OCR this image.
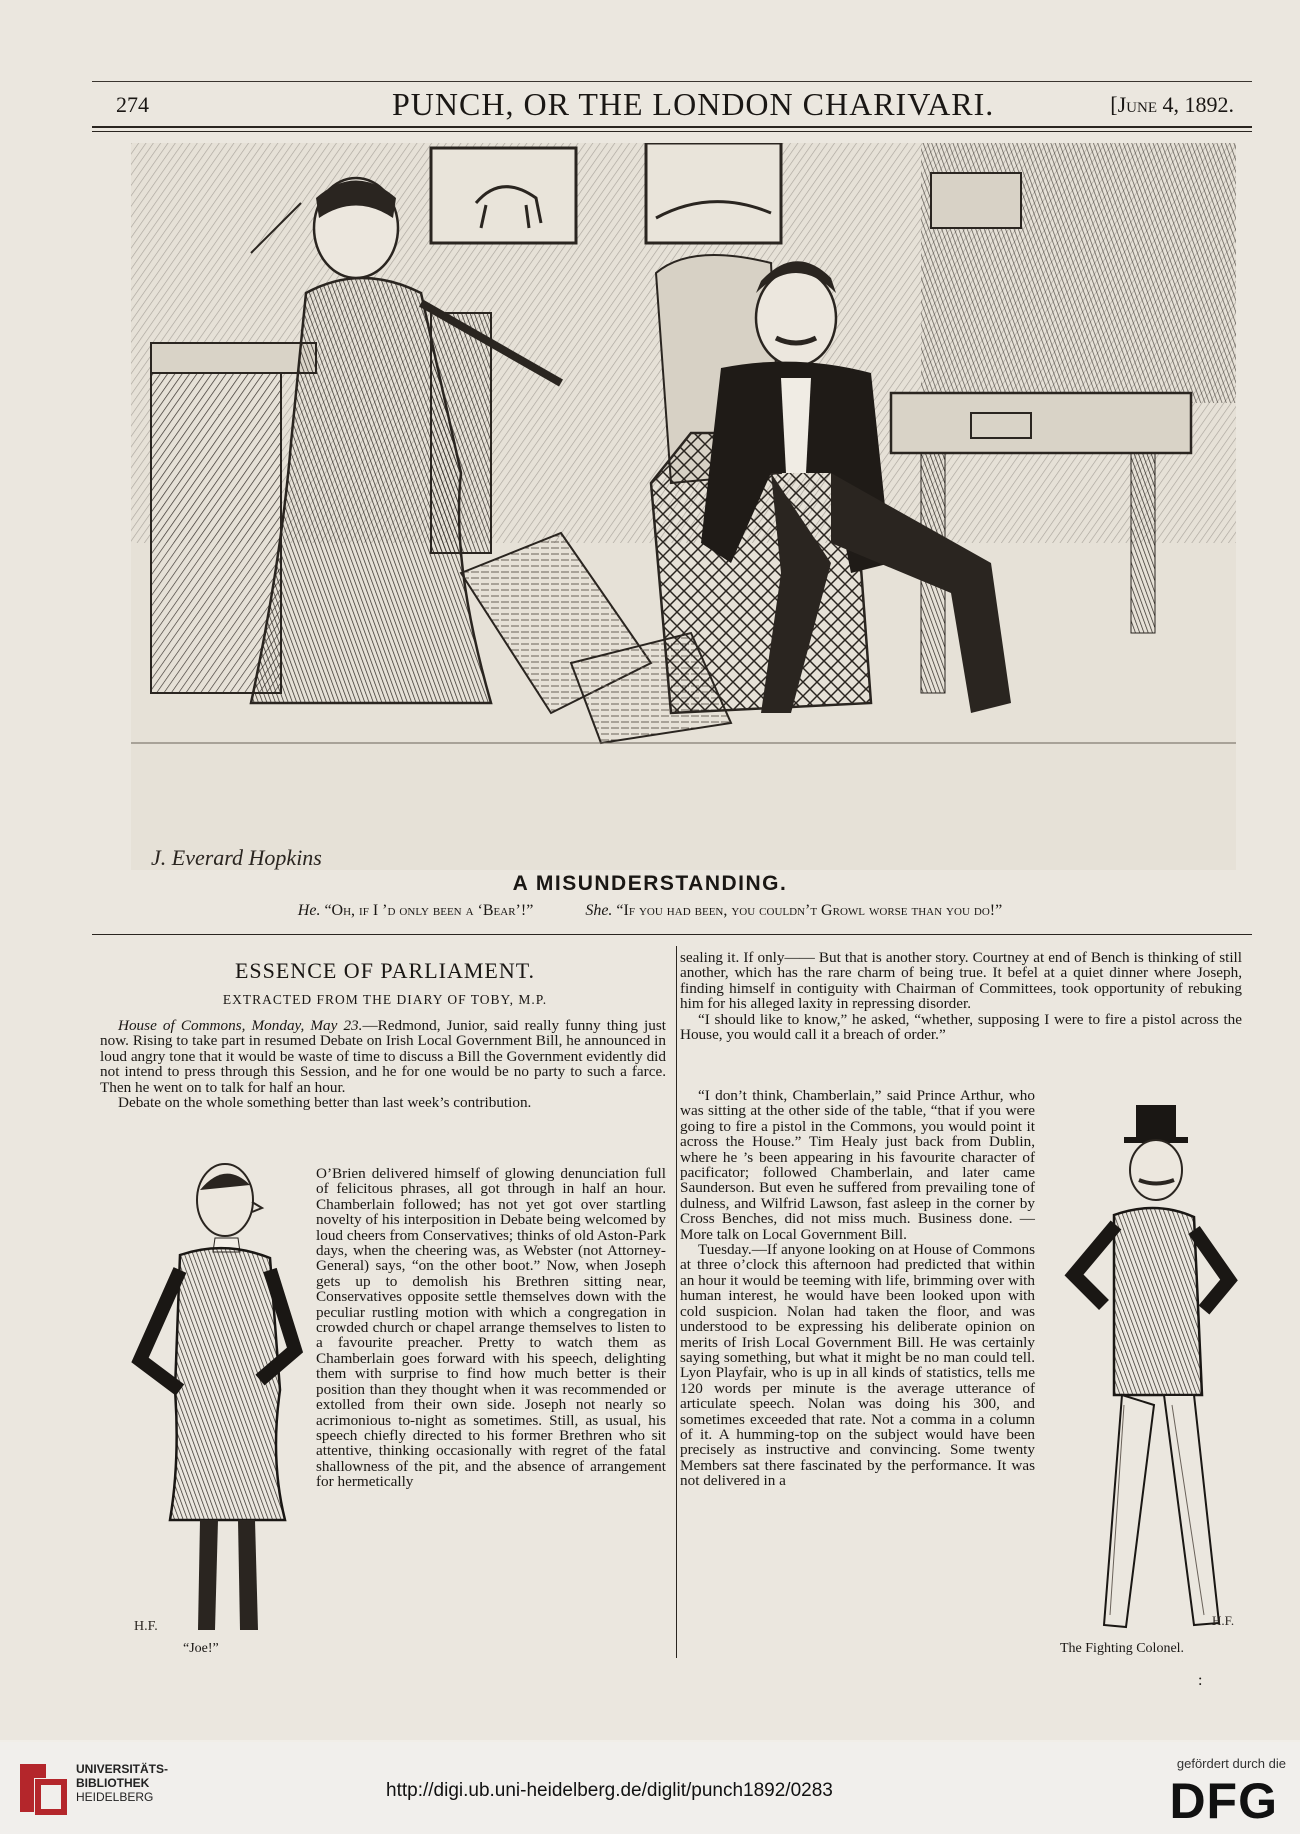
274	PUNCH, OR THE LONDON CHARIVARI.	[June 4, 1892.
J. Everard Hopkins
A MISUNDERSTANDING.
He. “Oh, if I ’d only been a ‘Bear’!”	She. “If you had been, you couldn’t Growl worse than you do!”
ESSENCE OF PARLIAMENT.
EXTRACTED FROM THE DIARY OF TOBY, M.P.
House of Commons, Monday, May 23.—Redmond, Junior, said really funny thing just now. Rising to take part in resumed Debate on Irish Local Government Bill, he announced in loud angry tone that it would be waste of time to discuss a Bill the Government evidently did not intend to press through this Session, and he for one would be no party to such a farce. Then he went on to talk for half an hour.
Debate on the whole something better than last week’s contribution.
O’Brien delivered himself of glowing denunciation full of felicitous phrases, all got through in half an hour. Chamberlain followed; has not yet got over startling novelty of his interposition in Debate being welcomed by loud cheers from Conservatives; thinks of old Aston-Park days, when the cheering was, as Webster (not Attorney-General) says, “on the other boot.” Now, when Joseph gets up to demolish his Brethren sitting near, Conservatives opposite settle themselves down with the peculiar rustling motion with which a congregation in crowded church or chapel arrange themselves to listen to a favourite preacher. Pretty to watch them as Chamberlain goes forward with his speech, delighting them with surprise to find how much better is their position than they thought when it was recommended or extolled from their own side. Joseph not nearly so acrimonious to-night as sometimes. Still, as usual, his speech chiefly directed to his former Brethren who sit attentive, thinking occasionally with regret of the fatal shallowness of the pit, and the absence of arrangement for hermetically
sealing it. If only—— But that is another story. Courtney at end of Bench is thinking of still another, which has the rare charm of being true. It befel at a quiet dinner where Joseph, finding himself in contiguity with Chairman of Committees, took opportunity of rebuking him for his alleged laxity in repressing disorder.
“I should like to know,” he asked, “whether, supposing I were to fire a pistol across the House, you would call it a breach of order.”
“I don’t think, Chamberlain,” said Prince Arthur, who was sitting at the other side of the table, “that if you were going to fire a pistol in the Commons, you would point it across the House.” Tim Healy just back from Dublin, where he ’s been appearing in his favourite character of pacificator; followed Chamberlain, and later came Saunderson. But even he suffered from prevailing tone of dulness, and Wilfrid Lawson, fast asleep in the corner by Cross Benches, did not miss much. Business done. — More talk on Local Government Bill.
Tuesday.—If anyone looking on at House of Commons at three o’clock this afternoon had predicted that within an hour it would be teeming with life, brimming over with human interest, he would have been looked upon with cold suspicion. Nolan had taken the floor, and was understood to be expressing his deliberate opinion on merits of Irish Local Government Bill. He was certainly saying something, but what it might be no man could tell. Lyon Playfair, who is up in all kinds of statistics, tells me 120 words per minute is the average utterance of articulate speech. Nolan was doing his 300, and sometimes exceeded that rate. Not a comma in a column of it. A humming-top on the subject would have been precisely as instructive and convincing. Some twenty Members sat there fascinated by the performance. It was not delivered in a
H.F.
“Joe!”
H.F.
The Fighting Colonel.
:
UNIVERSITÄTS-
BIBLIOTHEK
HEIDELBERG	http://digi.ub.uni-heidelberg.de/diglit/punch1892/0283
gefördert durch die
DFG
